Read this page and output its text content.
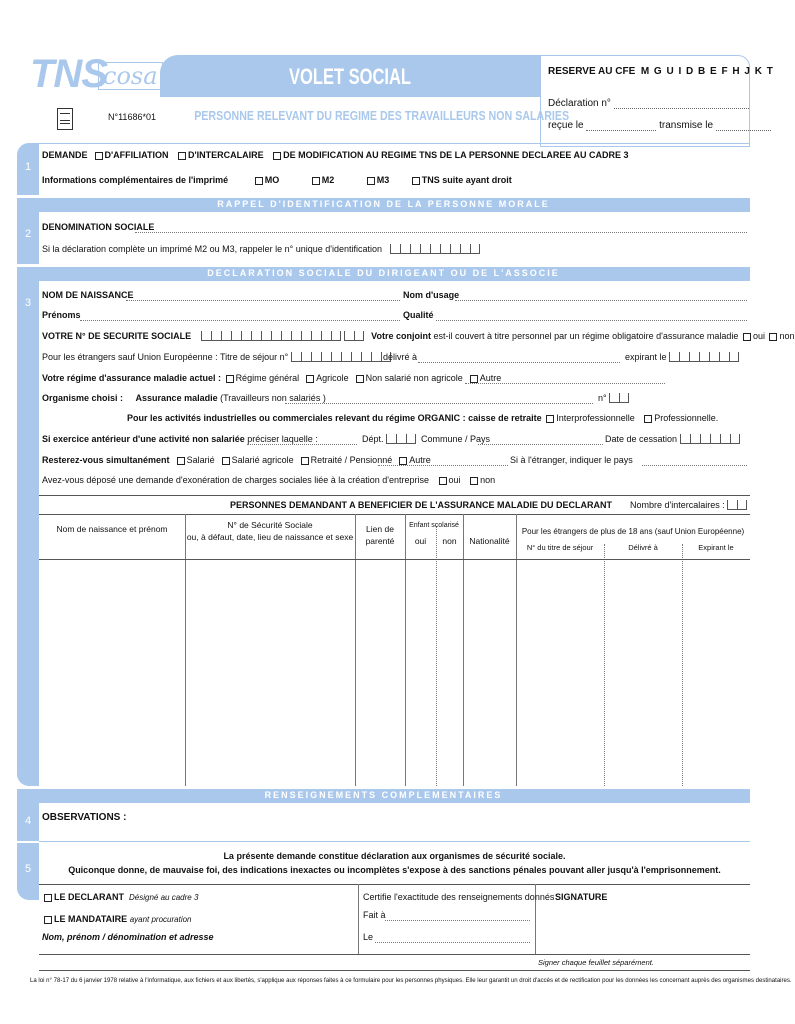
TNS
cosa
N°11686*01
VOLET SOCIAL
PERSONNE RELEVANT DU REGIME DES TRAVAILLEURS NON SALARIES
RESERVE AU CFE M G U I D B E F H J K T
Déclaration n°
reçue le	transmise le
1
DEMANDE D'AFFILIATION D'INTERCALAIRE DE MODIFICATION AU REGIME TNS DE LA PERSONNE DECLAREE AU CADRE 3
Informations complémentaires de l'imprimé	MO	M2	M3	TNS suite ayant droit
RAPPEL D'IDENTIFICATION DE LA PERSONNE MORALE
2
DENOMINATION SOCIALE
Si la déclaration complète un imprimé M2 ou M3, rappeler le n° unique d'identification
DECLARATION SOCIALE DU DIRIGEANT OU DE L'ASSOCIE
3
NOM DE NAISSANCE	Nom d'usage
Prénoms	Qualité
VOTRE N° DE SECURITE SOCIALE	Votre conjoint est-il couvert à titre personnel par un régime obligatoire d'assurance maladie oui non
Pour les étrangers sauf Union Européenne : Titre de séjour n°	délivré à	expirant le
Votre régime d'assurance maladie actuel : Régime général Agricole Non salarié non agricole Autre
Organisme choisi : Assurance maladie (Travailleurs non salariés )	n°
Pour les activités industrielles ou commerciales relevant du régime ORGANIC : caisse de retraite Interprofessionnelle Professionnelle.
Si exercice antérieur d'une activité non salariée préciser laquelle :	Dépt.	Commune / Pays	Date de cessation
Resterez-vous simultanément Salarié Salarié agricole Retraité / Pensionné Autre	Si à l'étranger, indiquer le pays
Avez-vous déposé une demande d'exonération de charges sociales liée à la création d'entreprise oui non
PERSONNES DEMANDANT A BENEFICIER DE L'ASSURANCE MALADIE DU DECLARANT Nombre d'intercalaires :
Nom de naissance et prénom	N° de Sécurité Sociale
ou, à défaut, date, lieu de naissance et sexe
Lien de
parenté
Enfant scolarisé
oui	non	Nationalité
Pour les étrangers de plus de 18 ans (sauf Union Européenne)
N° du titre de séjour	Délivré à	Expirant le
RENSEIGNEMENTS COMPLEMENTAIRES
4	OBSERVATIONS :
5
La présente demande constitue déclaration aux organismes de sécurité sociale.
Quiconque donne, de mauvaise foi, des indications inexactes ou incomplètes s'expose à des sanctions pénales pouvant aller jusqu'à l'emprisonnement.
LE DECLARANT Désigné au cadre 3
LE MANDATAIRE ayant procuration
Nom, prénom / dénomination et adresse
Certifie l'exactitude des renseignements donnés
Fait à
Le
SIGNATURE
Signer chaque feuillet séparément.
La loi n° 78-17 du 6 janvier 1978 relative à l'informatique, aux fichiers et aux libertés, s'applique aux réponses faites à ce formulaire pour les personnes physiques. Elle leur garantit un droit d'accès et de rectification pour les données les concernant auprès des organismes destinataires.
